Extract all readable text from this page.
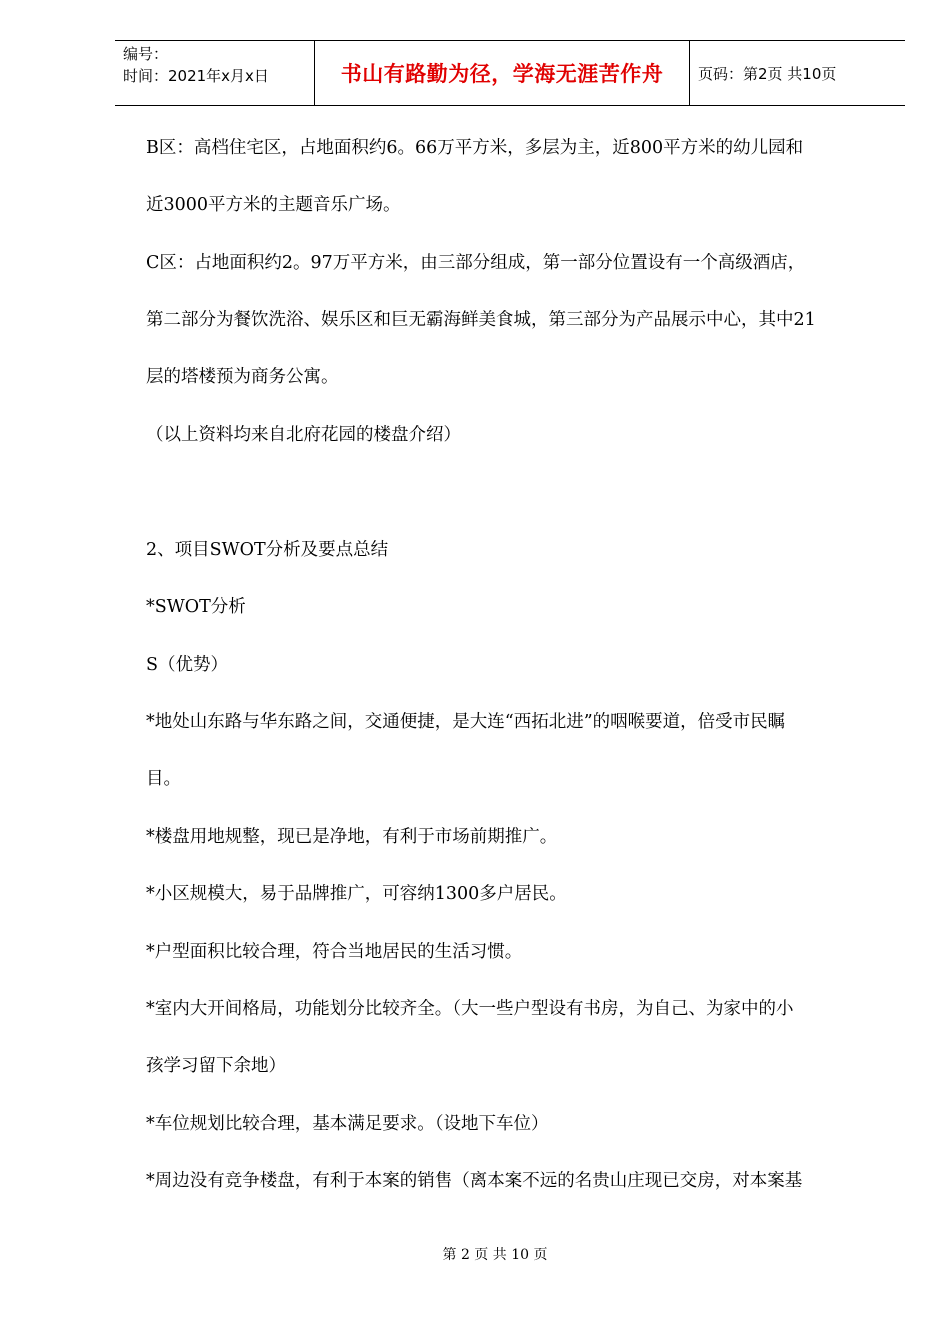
编号：
时间：2021年x月x日	书山有路勤为径，学海无涯苦作舟	页码：第2页 共10页
B区：高档住宅区，占地面积约6。66万平方米，多层为主，近800平方米的幼儿园和
近3000平方米的主题音乐广场。
C区：占地面积约2。97万平方米，由三部分组成，第一部分位置设有一个高级酒店，
第二部分为餐饮洗浴、娱乐区和巨无霸海鲜美食城，第三部分为产品展示中心，其中21
层的塔楼预为商务公寓。
（以上资料均来自北府花园的楼盘介绍）
2、项目SWOT分析及要点总结
*SWOT分析
S（优势）
*地处山东路与华东路之间，交通便捷，是大连“西拓北进”的咽喉要道，倍受市民瞩
目。
*楼盘用地规整，现已是净地，有利于市场前期推广。
*小区规模大，易于品牌推广，可容纳1300多户居民。
*户型面积比较合理，符合当地居民的生活习惯。
*室内大开间格局，功能划分比较齐全。（大一些户型设有书房，为自己、为家中的小
孩学习留下余地）
*车位规划比较合理，基本满足要求。（设地下车位）
*周边没有竞争楼盘，有利于本案的销售（离本案不远的名贵山庄现已交房，对本案基
第 2 页 共 10 页
